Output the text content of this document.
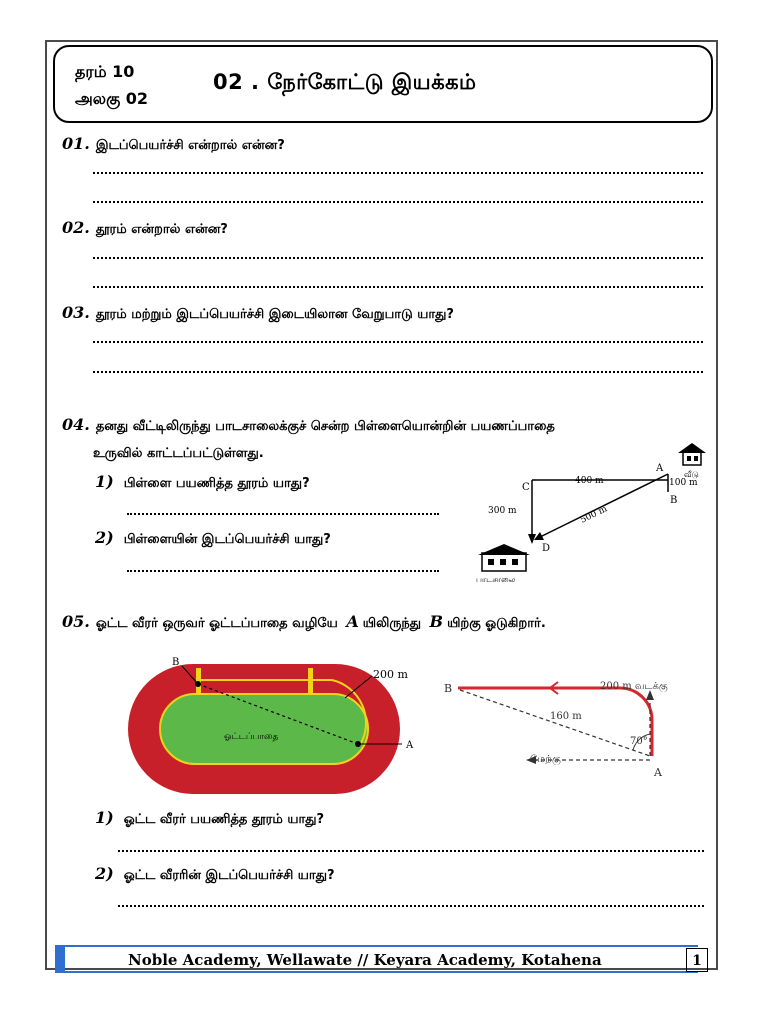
தரம் 10
அலகு 02
02 . நேர்கோட்டு இயக்கம்
01. இடப்பெயர்ச்சி என்றால் என்ன?
02. தூரம் என்றால் என்ன?
03. தூரம் மற்றும் இடப்பெயர்ச்சி இடையிலான வேறுபாடு யாது?
04. தனது வீட்டிலிருந்து பாடசாலைக்குச் சென்ற பிள்ளையொன்றின் பயணப்பாதை
உருவில் காட்டப்பட்டுள்ளது.
1) பிள்ளை பயணித்த தூரம் யாது?
2) பிள்ளையின் இடப்பெயர்ச்சி யாது?
வீடு
C
A
B
D
400 m	100 m
300 m	500 m
பாடசாலை
05. ஓட்ட வீரர் ஒருவர் ஓட்டப்பாதை வழியே A யிலிருந்து B யிற்கு ஓடுகிறார்.
B
A
200 m
ஓட்டப்பாதை
B
A
200 m வடக்கு
160 m
70°
மேற்கு
1) ஓட்ட வீரர் பயணித்த தூரம் யாது?
2) ஓட்ட வீரரின் இடப்பெயர்ச்சி யாது?
Noble Academy, Wellawate // Keyara Academy, Kotahena	1
